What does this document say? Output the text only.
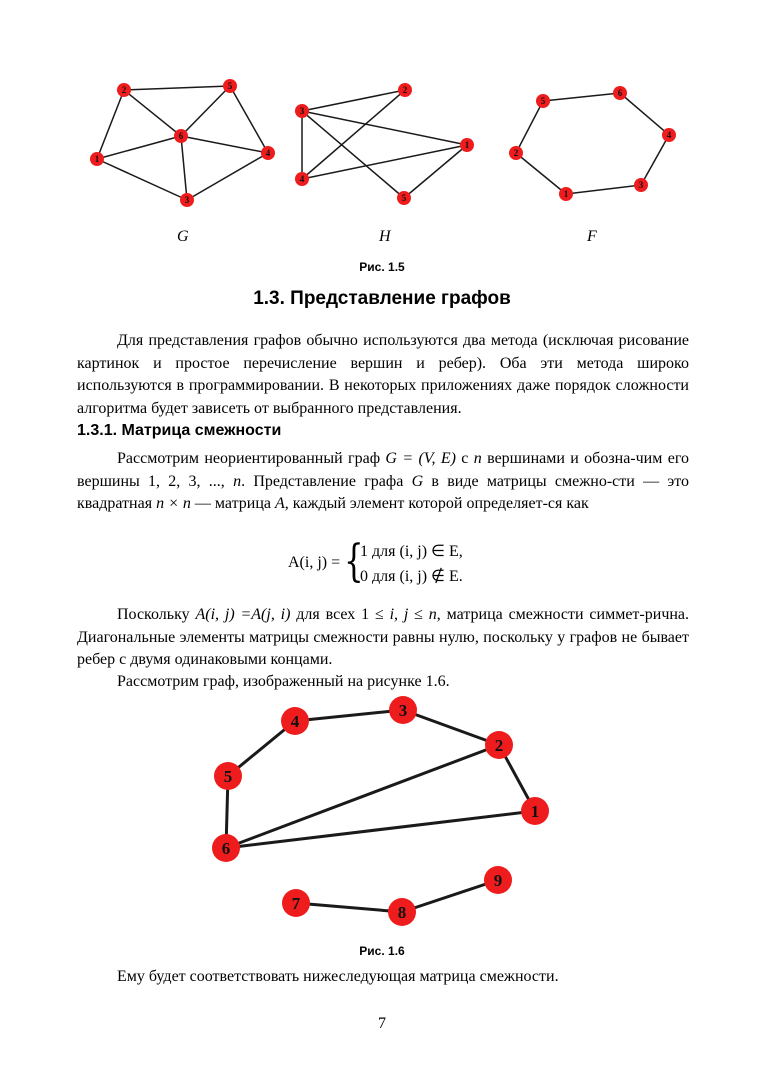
1
2
3
4
5
6
1
2
3
4
5	1
2
3
4
5
6
G	H	F
Рис. 1.5
1.3. Представление графов
Для представления графов обычно используются два метода (исключая рисование картинок и простое перечисление вершин и ребер). Оба эти метода широко используются в программировании. В некоторых приложениях даже порядок сложности алгоритма будет зависеть от выбранного представления.
1.3.1. Матрица смежности
Рассмотрим неориентированный граф G = (V, E) с n вершинами и обозна-чим его вершины 1, 2, 3, ..., n. Представление графа G в виде матрицы смежно-сти — это квадратная n × n — матрица A, каждый элемент которой определяет-ся как
A(i, j) = {
1 для (i, j) ∈ E,
0 для (i, j) ∉ E.
Поскольку A(i, j) =A(j, i) для всех 1 ≤ i, j ≤ n, матрица смежности симмет-рична. Диагональные элементы матрицы смежности равны нулю, поскольку у графов не бывает ребер с двумя одинаковыми концами.
Рассмотрим граф, изображенный на рисунке 1.6.
1
2
3
4
5
6
7	8
9
Рис. 1.6
Ему будет соответствовать нижеследующая матрица смежности.
7
